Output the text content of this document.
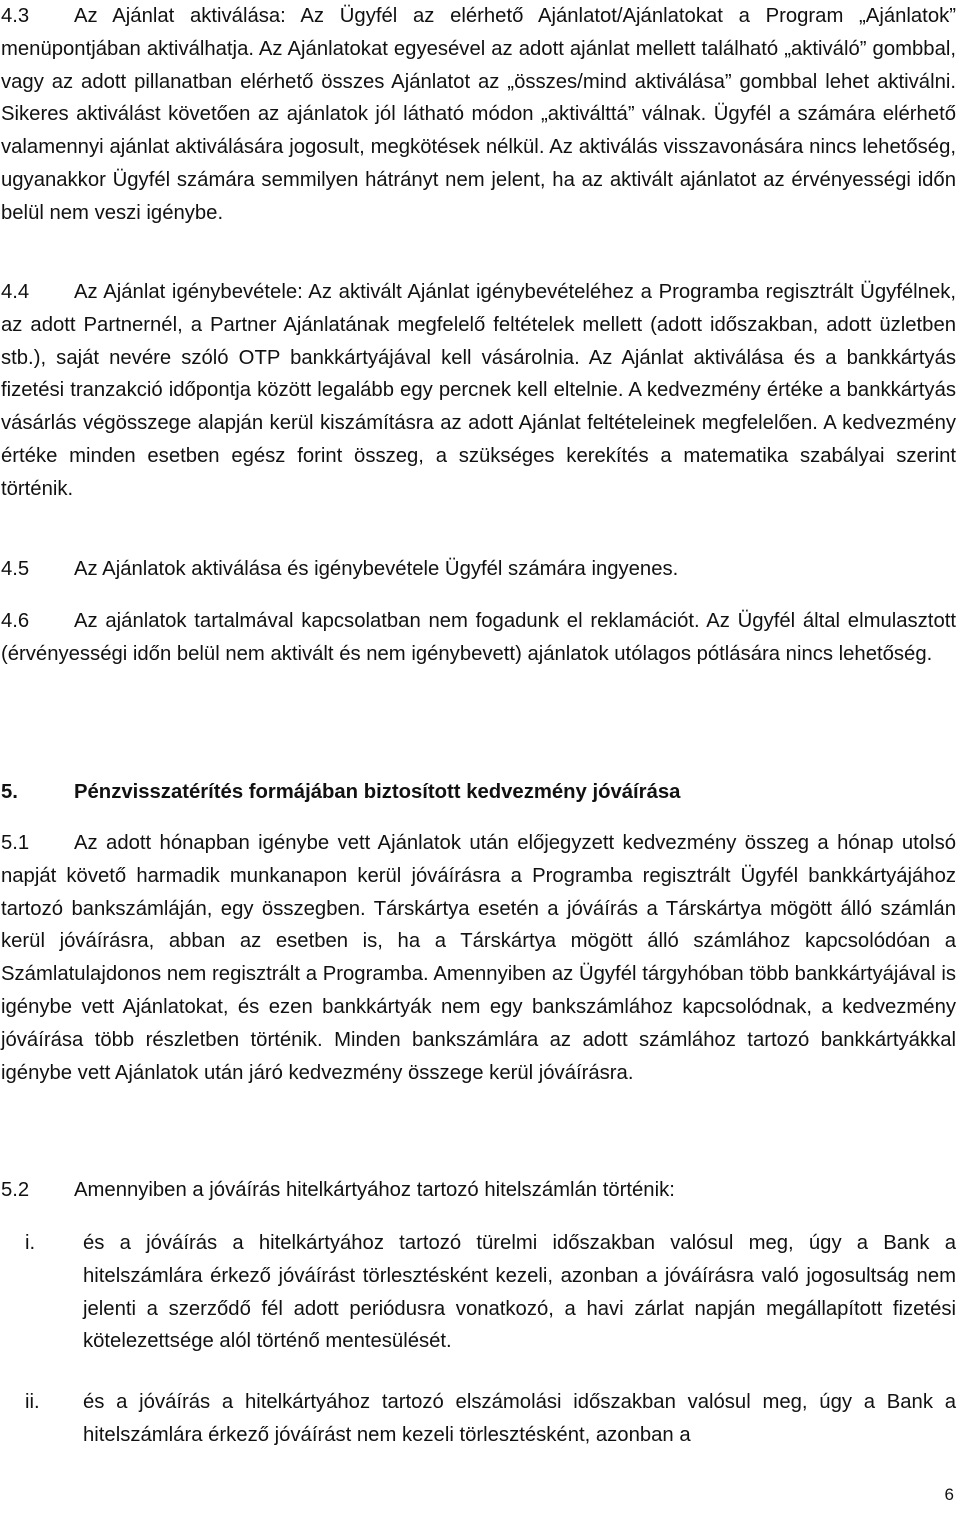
4.3 Az Ajánlat aktiválása: Az Ügyfél az elérhető Ajánlatot/Ajánlatokat a Program „Ajánlatok” menüpontjában aktiválhatja. Az Ajánlatokat egyesével az adott ajánlat mellett található „aktiváló” gombbal, vagy az adott pillanatban elérhető összes Ajánlatot az „összes/mind aktiválása” gombbal lehet aktiválni. Sikeres aktiválást követően az ajánlatok jól látható módon „aktiválttá” válnak. Ügyfél a számára elérhető valamennyi ajánlat aktiválására jogosult, megkötések nélkül. Az aktiválás visszavonására nincs lehetőség, ugyanakkor Ügyfél számára semmilyen hátrányt nem jelent, ha az aktivált ajánlatot az érvényességi időn belül nem veszi igénybe.

4.4 Az Ajánlat igénybevétele: Az aktivált Ajánlat igénybevételéhez a Programba regisztrált Ügyfélnek, az adott Partnernél, a Partner Ajánlatának megfelelő feltételek mellett (adott időszakban, adott üzletben stb.), saját nevére szóló OTP bankkártyájával kell vásárolnia. Az Ajánlat aktiválása és a bankkártyás fizetési tranzakció időpontja között legalább egy percnek kell eltelnie. A kedvezmény értéke a bankkártyás vásárlás végösszege alapján kerül kiszámításra az adott Ajánlat feltételeinek megfelelően. A kedvezmény értéke minden esetben egész forint összeg, a szükséges kerekítés a matematika szabályai szerint történik.

4.5 Az Ajánlatok aktiválása és igénybevétele Ügyfél számára ingyenes.

4.6 Az ajánlatok tartalmával kapcsolatban nem fogadunk el reklamációt. Az Ügyfél által elmulasztott (érvényességi időn belül nem aktivált és nem igénybevett) ajánlatok utólagos pótlására nincs lehetőség.

5.	Pénzvisszatérítés formájában biztosított kedvezmény jóváírása

5.1 Az adott hónapban igénybe vett Ajánlatok után előjegyzett kedvezmény összeg a hónap utolsó napját követő harmadik munkanapon kerül jóváírásra a Programba regisztrált Ügyfél bankkártyájához tartozó bankszámláján, egy összegben. Társkártya esetén a jóváírás a Társkártya mögött álló számlán kerül jóváírásra, abban az esetben is, ha a Társkártya mögött álló számlához kapcsolódóan a Számlatulajdonos nem regisztrált a Programba. Amennyiben az Ügyfél tárgyhóban több bankkártyájával is igénybe vett Ajánlatokat, és ezen bankkártyák nem egy bankszámlához kapcsolódnak, a kedvezmény jóváírása több részletben történik. Minden bankszámlára az adott számlához tartozó bankkártyákkal igénybe vett Ajánlatok után járó kedvezmény összege kerül jóváírásra.

5.2 Amennyiben a jóváírás hitelkártyához tartozó hitelszámlán történik:

i. és a jóváírás a hitelkártyához tartozó türelmi időszakban valósul meg, úgy a Bank a hitelszámlára érkező jóváírást törlesztésként kezeli, azonban a jóváírásra való jogosultság nem jelenti a szerződő fél adott periódusra vonatkozó, a havi zárlat napján megállapított fizetési kötelezettsége alól történő mentesülését.
ii. és a jóváírás a hitelkártyához tartozó elszámolási időszakban valósul meg, úgy a Bank a hitelszámlára érkező jóváírást nem kezeli törlesztésként, azonban a
6
